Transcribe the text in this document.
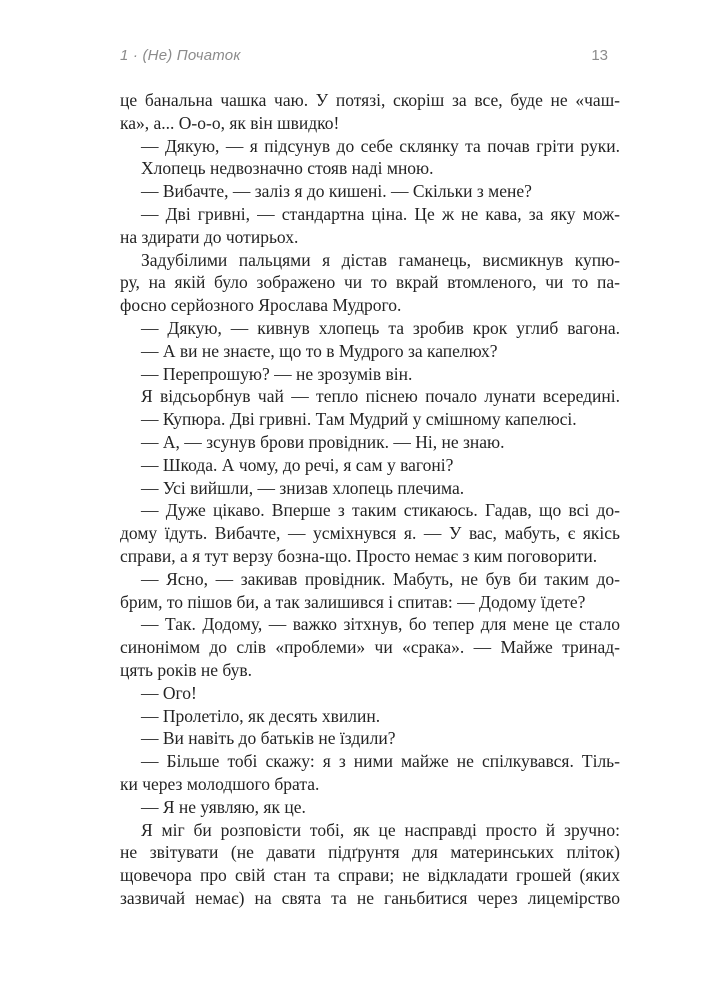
1 · (Не) Початок	13

це банальна чашка чаю. У потязі, скоріш за все, буде не «чаш-
ка», а... О-о-о, як він швидко!

— Дякую, — я підсунув до себе склянку та почав гріти руки.

Хлопець недвозначно стояв наді мною.

— Вибачте, — заліз я до кишені. — Скільки з мене?

— Дві гривні, — стандартна ціна. Це ж не кава, за яку мож-
на здирати до чотирьох.

Задубілими пальцями я дістав гаманець, висмикнув купю-
ру, на якій було зображено чи то вкрай втомленого, чи то па-
фосно серйозного Ярослава Мудрого.

— Дякую, — кивнув хлопець та зробив крок углиб вагона.

— А ви не знаєте, що то в Мудрого за капелюх?

— Перепрошую? — не зрозумів він.

Я відсьорбнув чай — тепло піснею почало лунати всередині.

— Купюра. Дві гривні. Там Мудрий у смішному капелюсі.

— А, — зсунув брови провідник. — Ні, не знаю.

— Шкода. А чому, до речі, я сам у вагоні?

— Усі вийшли, — знизав хлопець плечима.

— Дуже цікаво. Вперше з таким стикаюсь. Гадав, що всі до-
дому їдуть. Вибачте, — усміхнувся я. — У вас, мабуть, є якісь
справи, а я тут верзу бозна-що. Просто немає з ким поговорити.

— Ясно, — закивав провідник. Мабуть, не був би таким до-
брим, то пішов би, а так залишився і спитав: — Додому їдете?

— Так. Додому, — важко зітхнув, бо тепер для мене це стало
синонімом до слів «проблеми» чи «срака». — Майже тринад-
цять років не був.

— Ого!

— Пролетіло, як десять хвилин.

— Ви навіть до батьків не їздили?

— Більше тобі скажу: я з ними майже не спілкувався. Тіль-
ки через молодшого брата.

— Я не уявляю, як це.

Я міг би розповісти тобі, як це насправді просто й зручно:
не звітувати (не давати підґрунтя для материнських пліток)
щовечора про свій стан та справи; не відкладати грошей (яких
зазвичай немає) на свята та не ганьбитися через лицемірство
